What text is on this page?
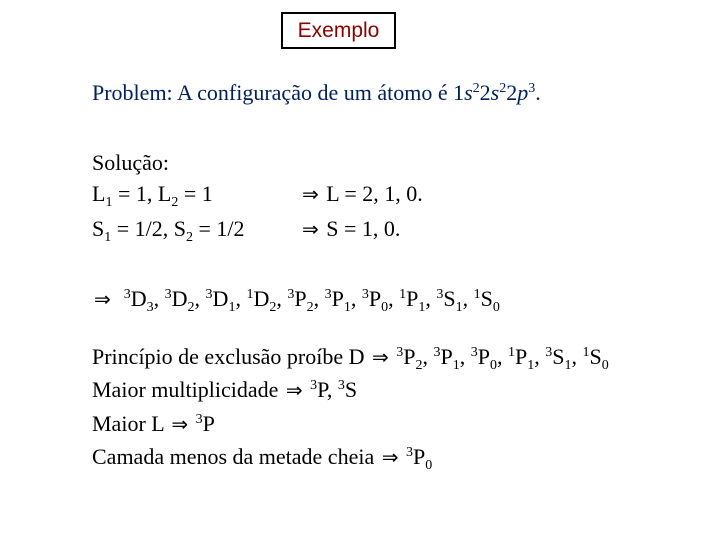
Exemplo
Problem: A configuração de um átomo é $1s^22s^22p^3$.
Solução:
$L_1 = 1$, $L_2 = 1$	⇒ L = 2, 1, 0.
$S_1 = 1/2$, $S_2 = 1/2$	⇒ S = 1, 0.
⇒ $^3D_3$, $^3D_2$, $^3D_1$, $^1D_2$, $^3P_2$, $^3P_1$, $^3P_0$, $^1P_1$, $^3S_1$, $^1S_0$
Princípio de exclusão proíbe D ⇒ $^3P_2$, $^3P_1$, $^3P_0$, $^1P_1$, $^3S_1$, $^1S_0$
Maior multiplicidade ⇒ $^3$P, $^3$S
Maior L ⇒ $^3$P
Camada menos da metade cheia ⇒ $^3P_0$
